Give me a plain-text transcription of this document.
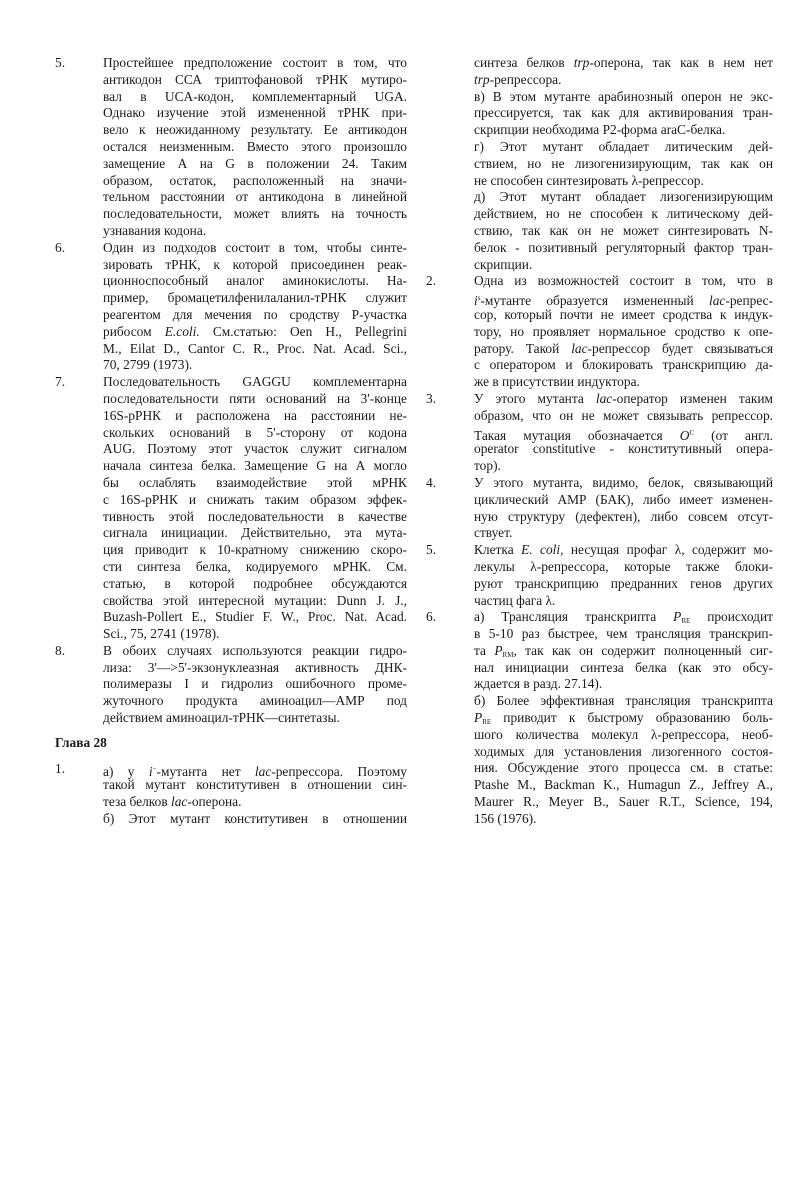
5.	Простейшее предположение состоит в том, что
антикодон ССА триптофановой тРНК мутиро-
вал в UCA-кодон, комплементарный UGA.
Однако изучение этой измененной тРНК при-
вело к неожиданному результату. Ее антикодон
остался неизменным. Вместо этого произошло
замещение А на G в положении 24. Таким
образом, остаток, расположенный на значи-
тельном расстоянии от антикодона в линейной
последовательности, может влиять на точность
узнавания кодона.
6.	Один из подходов состоит в том, чтобы синте-
зировать тРНК, к которой присоединен реак-
ционноспособный аналог аминокислоты. На-
пример, бромацетилфенилаланил-тРНК служит
реагентом для мечения по сродству Р-участка
рибосом E.coli. См.статью: Oen H., Pellegrini
M., Eilat D., Cantor C. R., Proc. Nat. Acad. Sci.,
70, 2799 (1973).
7.	Последовательность GAGGU комплементарна
последовательности пяти оснований на 3'-конце
16S-рРНК и расположена на расстоянии не-
скольких оснований в 5'-сторону от кодона
AUG. Поэтому этот участок служит сигналом
начала синтеза белка. Замещение G на А могло
бы ослаблять взаимодействие этой мРНК
с 16S-рРНК и снижать таким образом эффек-
тивность этой последовательности в качестве
сигнала инициации. Действительно, эта мута-
ция приводит к 10-кратному снижению скоро-
сти синтеза белка, кодируемого мРНК. См.
статью, в которой подробнее обсуждаются
свойства этой интересной мутации: Dunn J. J.,
Buzash-Pollert E., Studier F. W., Proc. Nat. Acad.
Sci., 75, 2741 (1978).
8.	В обоих случаях используются реакции гидро-
лиза: 3'—>5'-экзонуклеазная активность ДНК-
полимеразы I и гидролиз ошибочного проме-
жуточного продукта аминоацил—АМР под
действием аминоацил-тРНК—синтетазы.
Глава 28
1.	а) у i−-мутанта нет lac-репрессора. Поэтому
такой мутант конститутивен в отношении син-
теза белков lac-оперона.
б) Этот мутант конститутивен в отношении
синтеза белков trp-оперона, так как в нем нет
trp-репрессора.
в) В этом мутанте арабинозный оперон не экс-
прессируется, так как для активирования тран-
скрипции необходима Р2-форма araC-белка.
г) Этот мутант обладает литическим дей-
ствием, но не лизогенизирующим, так как он
не способен синтезировать λ-репрессор.
д) Этот мутант обладает лизогенизирующим
действием, но не способен к литическому дей-
ствию, так как он не может синтезировать N-
белок - позитивный регуляторный фактор тран-
скрипции.
2.	Одна из возможностей состоит в том, что в
$i^s$-мутанте образуется измененный lac-репрес-
сор, который почти не имеет сродства к индук-
тору, но проявляет нормальное сродство к опе-
ратору. Такой lac-репрессор будет связываться
с оператором и блокировать транскрипцию да-
же в присутствии индуктора.
3.	У этого мутанта lac-оператор изменен таким
образом, что он не может связывать репрессор.
Такая мутация обозначается $O^C$ (от англ.
operator constitutive - конститутивный опера-
тор).
4.	У этого мутанта, видимо, белок, связывающий
циклический АМР (БАК), либо имеет изменен-
ную структуру (дефектен), либо совсем отсут-
ствует.
5.	Клетка E. coli, несущая профаг λ, содержит мо-
лекулы λ-репрессора, которые также блоки-
руют транскрипцию предранних генов других
частиц фага λ.
6.	а) Трансляция транскрипта $P_{RE}$ происходит
в 5-10 раз быстрее, чем трансляция транскрип-
та $P_{RM}$, так как он содержит полноценный сиг-
нал инициации синтеза белка (как это обсу-
ждается в разд. 27.14).
б) Более эффективная трансляция транскрипта
$P_{RE}$ приводит к быстрому образованию боль-
шого количества молекул λ-репрессора, необ-
ходимых для установления лизогенного состоя-
ния. Обсуждение этого процесса см. в статье:
Ptashe M., Backman K., Humagun Z., Jeffrey A.,
Maurer R., Meyer B., Sauer R.T., Science, 194,
156 (1976).
